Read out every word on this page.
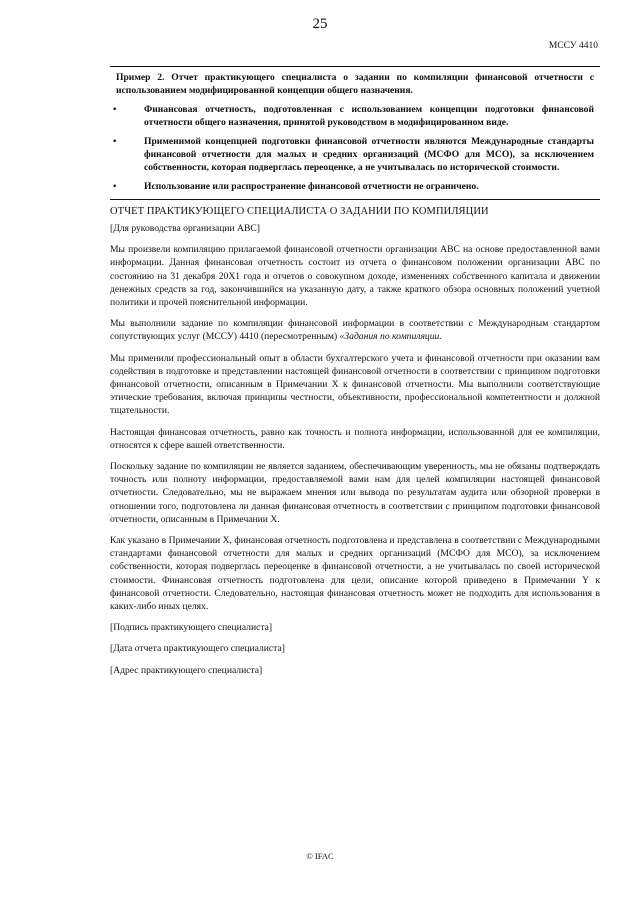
25
МССУ 4410
Пример 2. Отчет практикующего специалиста о задании по компиляции финансовой отчетности с использованием модифицированной концепции общего назначения.
•	Финансовая отчетность, подготовленная с использованием концепции подготовки финансовой отчетности общего назначения, принятой руководством в модифицированном виде.
•	Применимой концепцией подготовки финансовой отчетности являются Международные стандарты финансовой отчетности для малых и средних организаций (МСФО для МСО), за исключением собственности, которая подверглась переоценке, а не учитывалась по исторической стоимости.
•	Использование или распространение финансовой отчетности не ограничено.
ОТЧЕТ ПРАКТИКУЮЩЕГО СПЕЦИАЛИСТА О ЗАДАНИИ ПО КОМПИЛЯЦИИ

[Для руководства организации ABC]

Мы произвели компиляцию прилагаемой финансовой отчетности организации ABC на основе предоставленной вами информации. Данная финансовая отчетность состоит из отчета о финансовом положении организации ABC по состоянию на 31 декабря 20X1 года и отчетов о совокупном доходе, изменениях собственного капитала и движении денежных средств за год, закончившийся на указанную дату, а также краткого обзора основных положений учетной политики и прочей пояснительной информации.

Мы выполнили задание по компиляции финансовой информации в соответствии с Международным стандартом сопутствующих услуг (МССУ) 4410 (пересмотренным) «Задания по компиляции.

Мы применили профессиональный опыт в области бухгалтерского учета и финансовой отчетности при оказании вам содействия в подготовке и представлении настоящей финансовой отчетности в соответствии с принципом подготовки финансовой отчетности, описанным в Примечании X к финансовой отчетности. Мы выполнили соответствующие этические требования, включая принципы честности, объективности, профессиональной компетентности и должной тщательности.

Настоящая финансовая отчетность, равно как точность и полнота информации, использованной для ее компиляции, относятся к сфере вашей ответственности.

Поскольку задание по компиляции не является заданием, обеспечивающим уверенность, мы не обязаны подтверждать точность или полноту информации, предоставляемой вами нам для целей компиляции настоящей финансовой отчетности. Следовательно, мы не выражаем мнения или вывода по результатам аудита или обзорной проверки в отношении того, подготовлена ли данная финансовая отчетность в соответствии с принципом подготовки финансовой отчетности, описанным в Примечании X.

Как указано в Примечании X, финансовая отчетность подготовлена и представлена в соответствии с Международными стандартами финансовой отчетности для малых и средних организаций (МСФО для МСО), за исключением собственности, которая подверглась переоценке в финансовой отчетности, а не учитывалась по своей исторической стоимости. Финансовая отчетность подготовлена для цели, описание которой приведено в Примечании Y к финансовой отчетности. Следовательно, настоящая финансовая отчетность может не подходить для использования в каких-либо иных целях.

[Подпись практикующего специалиста]

[Дата отчета практикующего специалиста]

[Адрес практикующего специалиста]

© IFAC
